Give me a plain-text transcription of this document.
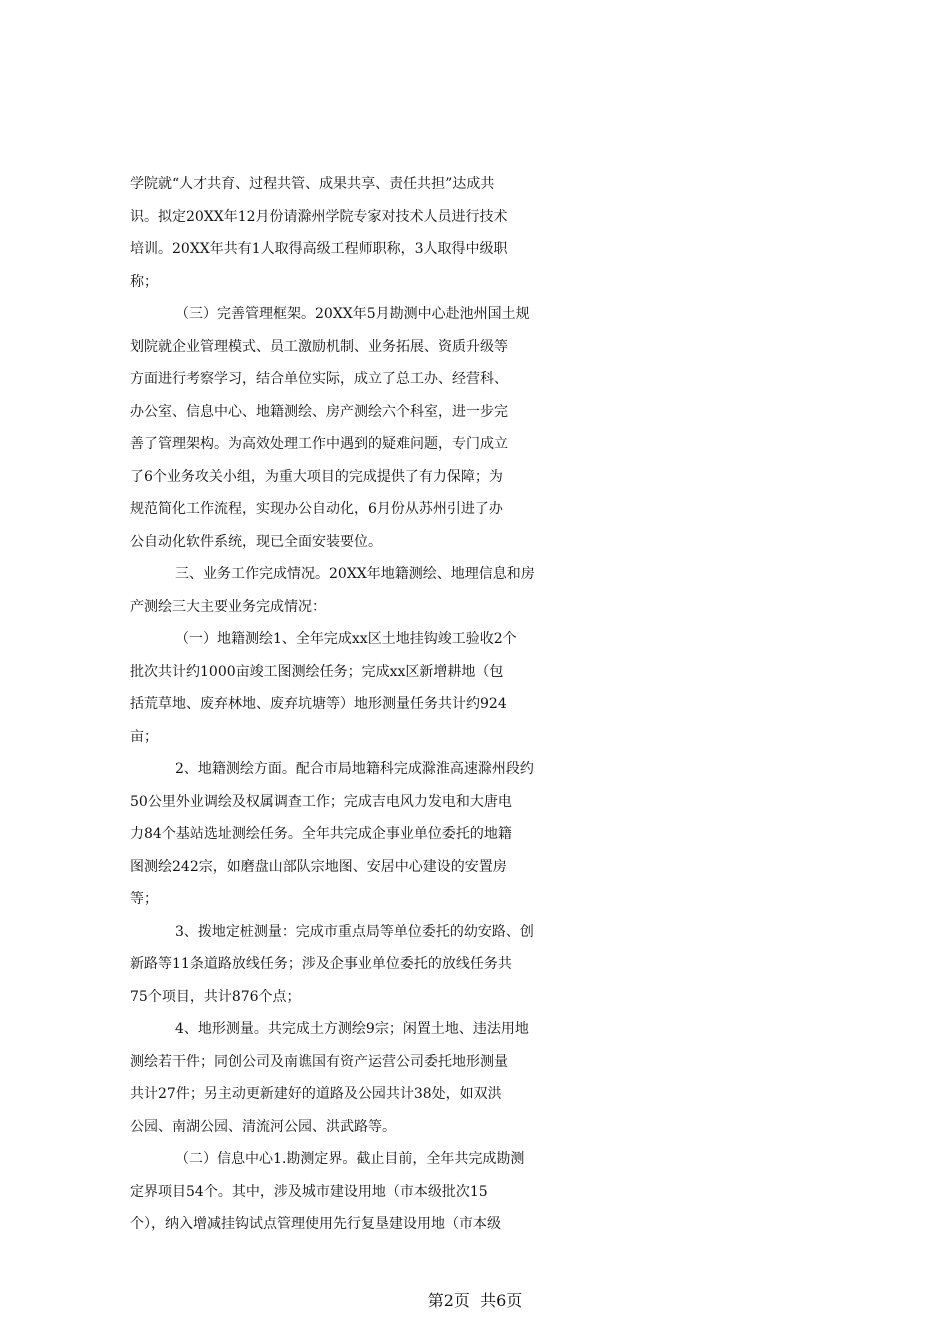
学院就“人才共育、过程共管、成果共享、责任共担”达成共
识。拟定20XX年12月份请滁州学院专家对技术人员进行技术
培训。20XX年共有1人取得高级工程师职称，3人取得中级职
称；
（三）完善管理框架。20XX年5月勘测中心赴池州国土规
划院就企业管理模式、员工激励机制、业务拓展、资质升级等
方面进行考察学习，结合单位实际，成立了总工办、经营科、
办公室、信息中心、地籍测绘、房产测绘六个科室，进一步完
善了管理架构。为高效处理工作中遇到的疑难问题，专门成立
了6个业务攻关小组，为重大项目的完成提供了有力保障；为
规范简化工作流程，实现办公自动化，6月份从苏州引进了办
公自动化软件系统，现已全面安装要位。
三、业务工作完成情况。20XX年地籍测绘、地理信息和房
产测绘三大主要业务完成情况：
（一）地籍测绘1、全年完成xx区土地挂钩竣工验收2个
批次共计约1000亩竣工图测绘任务；完成xx区新增耕地（包
括荒草地、废弃林地、废弃坑塘等）地形测量任务共计约924
亩；
2、地籍测绘方面。配合市局地籍科完成滁淮高速滁州段约
50公里外业调绘及权属调查工作；完成吉电风力发电和大唐电
力84个基站选址测绘任务。全年共完成企事业单位委托的地籍
图测绘242宗，如磨盘山部队宗地图、安居中心建设的安置房
等；
3、拨地定桩测量：完成市重点局等单位委托的幼安路、创
新路等11条道路放线任务；涉及企事业单位委托的放线任务共
75个项目，共计876个点；
4、地形测量。共完成土方测绘9宗；闲置土地、违法用地
测绘若干件；同创公司及南谯国有资产运营公司委托地形测量
共计27件；另主动更新建好的道路及公园共计38处，如双洪
公园、南湖公园、清流河公园、洪武路等。
（二）信息中心1.勘测定界。截止目前，全年共完成勘测
定界项目54个。其中，涉及城市建设用地（市本级批次15
个），纳入增减挂钩试点管理使用先行复垦建设用地（市本级
第2页  共6页
